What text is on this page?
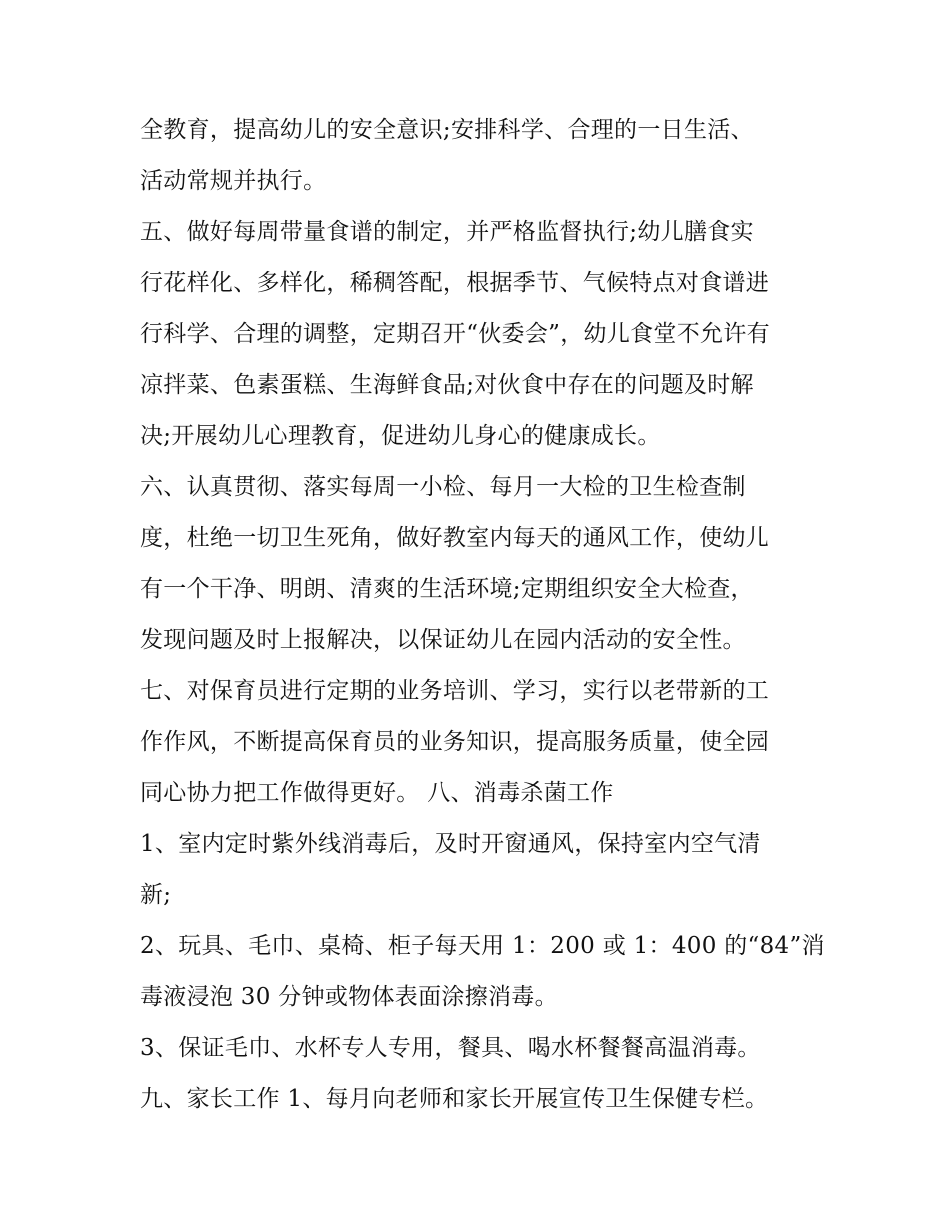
全教育，提高幼儿的安全意识;安排科学、合理的一日生活、
活动常规并执行。
五、做好每周带量食谱的制定，并严格监督执行;幼儿膳食实
行花样化、多样化，稀稠答配，根据季节、气候特点对食谱进
行科学、合理的调整，定期召开“伙委会”，幼儿食堂不允许有
凉拌菜、色素蛋糕、生海鲜食品;对伙食中存在的问题及时解
决;开展幼儿心理教育，促进幼儿身心的健康成长。
六、认真贯彻、落实每周一小检、每月一大检的卫生检查制
度，杜绝一切卫生死角，做好教室内每天的通风工作，使幼儿
有一个干净、明朗、清爽的生活环境;定期组织安全大检查，
发现问题及时上报解决，以保证幼儿在园内活动的安全性。
七、对保育员进行定期的业务培训、学习，实行以老带新的工
作作风，不断提高保育员的业务知识，提高服务质量，使全园
同心协力把工作做得更好。 八、消毒杀菌工作
1、室内定时紫外线消毒后，及时开窗通风，保持室内空气清
新;
2、玩具、毛巾、桌椅、柜子每天用 1：200 或 1：400 的“84”消
毒液浸泡 30 分钟或物体表面涂擦消毒。
3、保证毛巾、水杯专人专用，餐具、喝水杯餐餐高温消毒。
九、家长工作 1、每月向老师和家长开展宣传卫生保健专栏。
